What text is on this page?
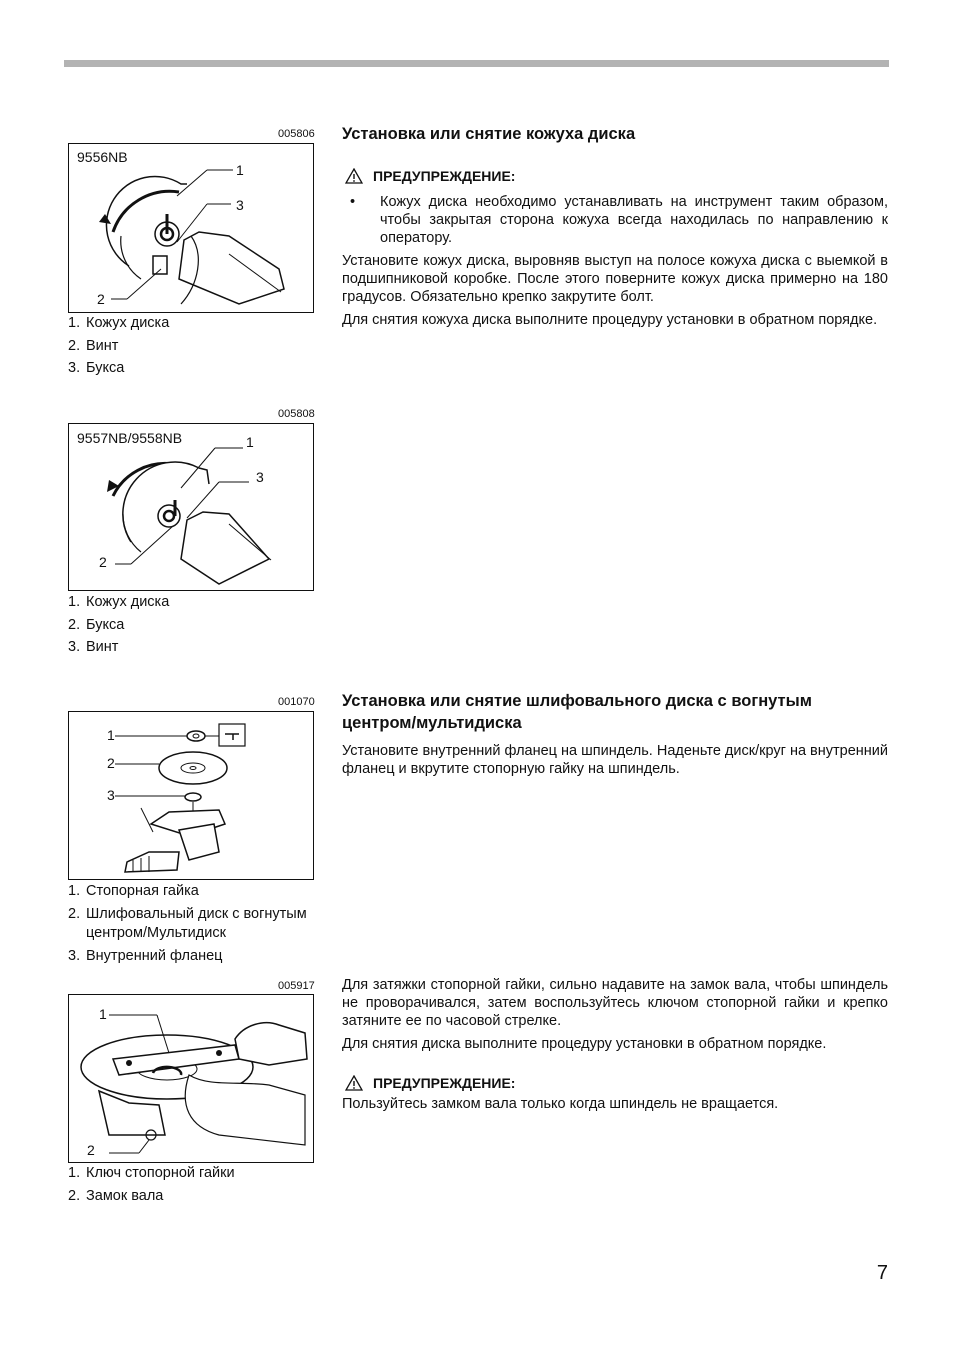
005806
9556NB
1
3
2
1. Кожух диска
2. Винт
3. Букса
005808
9557NB/9558NB	1
3
2
1. Кожух диска
2. Букса
3. Винт
001070
1
2
3
1. Стопорная гайка
2. Шлифовальный диск с вогнутым центром/Мультидиск
3. Внутренний фланец
005917
1
2
1. Ключ стопорной гайки
2. Замок вала
Установка или снятие кожуха диска
ПРЕДУПРЕЖДЕНИЕ:
•	Кожух диска необходимо устанавливать на инструмент таким образом, чтобы закрытая сторона кожуха всегда находилась по направлению к оператору.

Установите кожух диска, выровняв выступ на полосе кожуха диска с выемкой в подшипниковой коробке. После этого поверните кожух диска примерно на 180 градусов. Обязательно крепко закрутите болт.

Для снятия кожуха диска выполните процедуру установки в обратном порядке.

Установка или снятие шлифовального диска с вогнутым центром/мультидиска

Установите внутренний фланец на шпиндель. Наденьте диск/круг на внутренний фланец и вкрутите стопорную гайку на шпиндель.

Для затяжки стопорной гайки, сильно надавите на замок вала, чтобы шпиндель не проворачивался, затем воспользуйтесь ключом стопорной гайки и крепко затяните ее по часовой стрелке.

Для снятия диска выполните процедуру установки в обратном порядке.

ПРЕДУПРЕЖДЕНИЕ:

Пользуйтесь замком вала только когда шпиндель не вращается.

7
